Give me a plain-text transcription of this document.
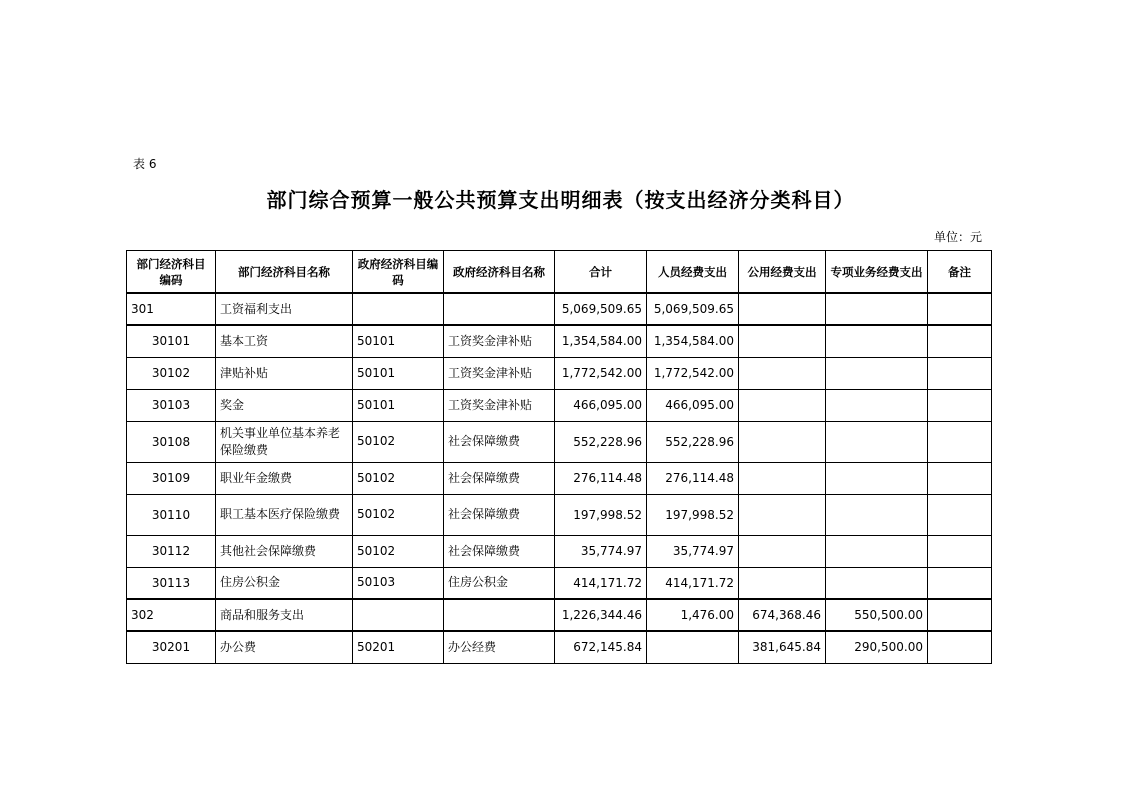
表 6
部门综合预算一般公共预算支出明细表（按支出经济分类科目）
单位：元
部门经济科目编码	部门经济科目名称	政府经济科目编码	政府经济科目名称	合计	人员经费支出	公用经费支出	专项业务经费支出	备注
301	工资福利支出			5,069,509.65	5,069,509.65			
30101	基本工资	50101	工资奖金津补贴	1,354,584.00	1,354,584.00			
30102	津贴补贴	50101	工资奖金津补贴	1,772,542.00	1,772,542.00			
30103	奖金	50101	工资奖金津补贴	466,095.00	466,095.00			
30108	机关事业单位基本养老保险缴费	50102	社会保障缴费	552,228.96	552,228.96			
30109	职业年金缴费	50102	社会保障缴费	276,114.48	276,114.48			
30110	职工基本医疗保险缴费	50102	社会保障缴费	197,998.52	197,998.52			
30112	其他社会保障缴费	50102	社会保障缴费	35,774.97	35,774.97			
30113	住房公积金	50103	住房公积金	414,171.72	414,171.72			
302	商品和服务支出			1,226,344.46	1,476.00	674,368.46	550,500.00	
30201	办公费	50201	办公经费	672,145.84		381,645.84	290,500.00	
